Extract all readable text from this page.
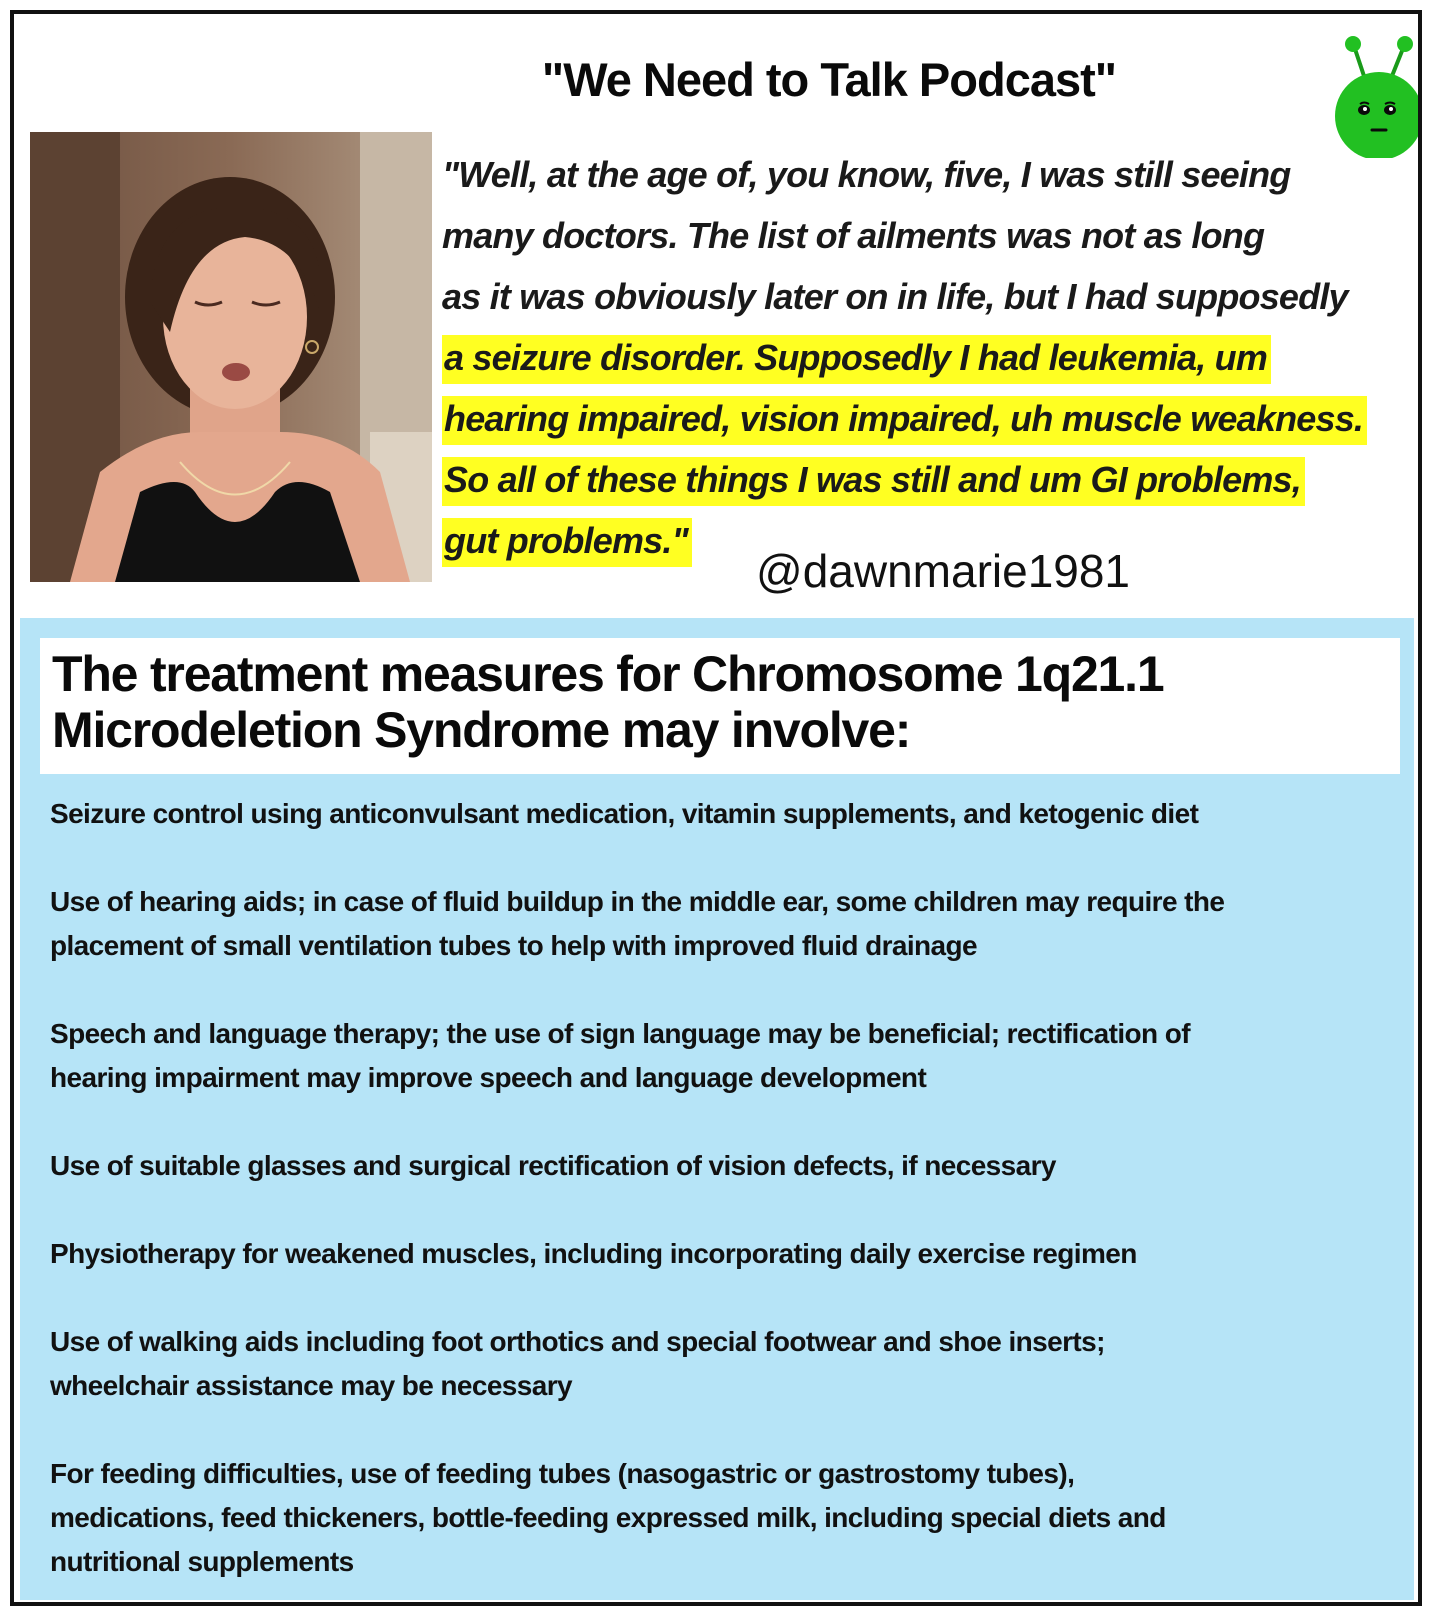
"We Need to Talk Podcast"
"Well, at the age of, you know, five, I was still seeing
many doctors. The list of ailments was not as long
as it was obviously later on in life, but I had supposedly
a seizure disorder. Supposedly I had leukemia, um
hearing impaired, vision impaired, uh muscle weakness.
So all of these things I was still and um GI problems,
gut problems."
@dawnmarie1981
The treatment measures for Chromosome 1q21.1
Microdeletion Syndrome may involve:
Seizure control using anticonvulsant medication, vitamin supplements, and ketogenic diet
Use of hearing aids; in case of fluid buildup in the middle ear, some children may require the
placement of small ventilation tubes to help with improved fluid drainage
Speech and language therapy; the use of sign language may be beneficial; rectification of
hearing impairment may improve speech and language development
Use of suitable glasses and surgical rectification of vision defects, if necessary
Physiotherapy for weakened muscles, including incorporating daily exercise regimen
Use of walking aids including foot orthotics and special footwear and shoe inserts;
wheelchair assistance may be necessary
For feeding difficulties, use of feeding tubes (nasogastric or gastrostomy tubes),
medications, feed thickeners, bottle-feeding expressed milk, including special diets and
nutritional supplements
